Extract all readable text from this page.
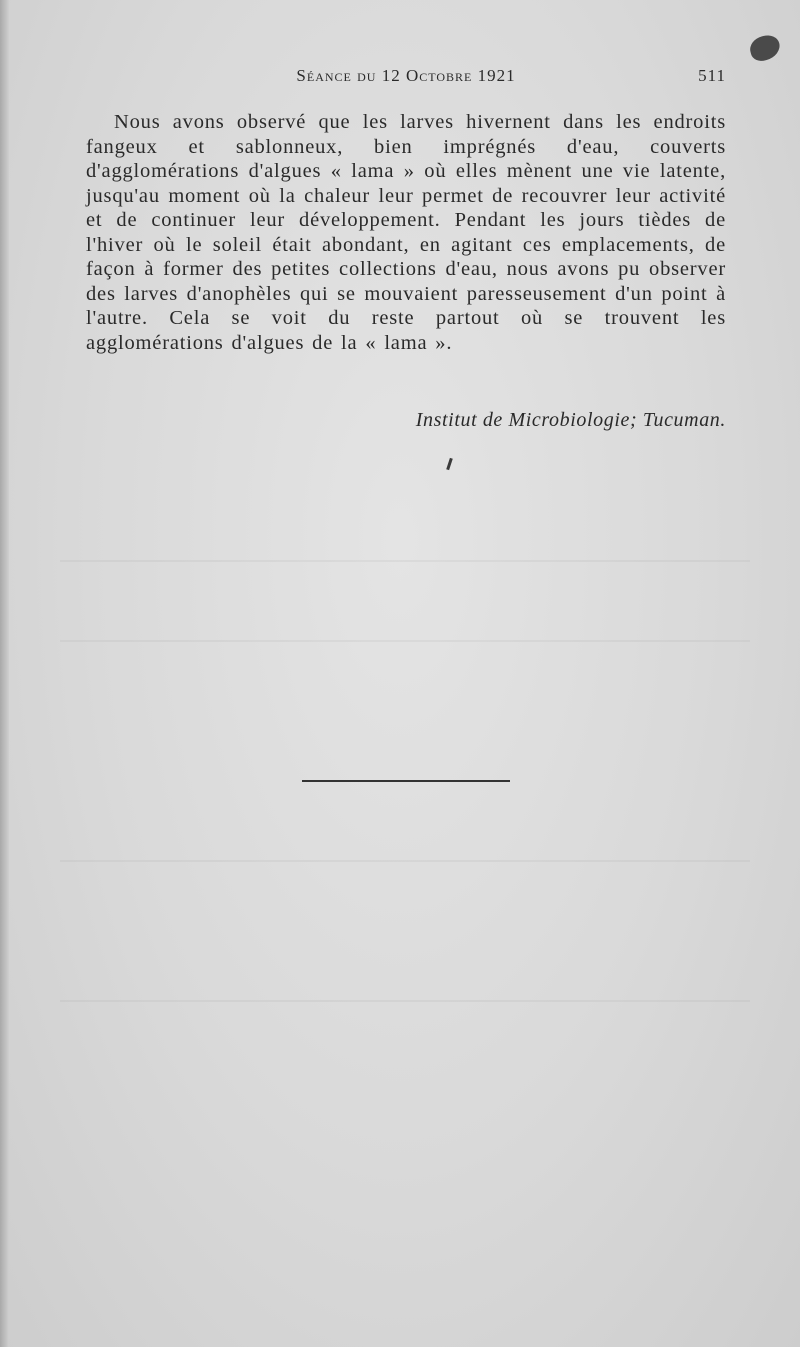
Séance du 12 Octobre 1921	511

Nous avons observé que les larves hivernent dans les endroits fangeux et sablonneux, bien imprégnés d'eau, couverts d'agglomérations d'algues « lama » où elles mènent une vie latente, jusqu'au moment où la chaleur leur permet de recouvrer leur activité et de continuer leur développement. Pendant les jours tièdes de l'hiver où le soleil était abondant, en agitant ces emplacements, de façon à former des petites collections d'eau, nous avons pu observer des larves d'anophèles qui se mouvaient paresseusement d'un point à l'autre. Cela se voit du reste partout où se trouvent les agglomérations d'algues de la « lama ».

Institut de Microbiologie; Tucuman.
